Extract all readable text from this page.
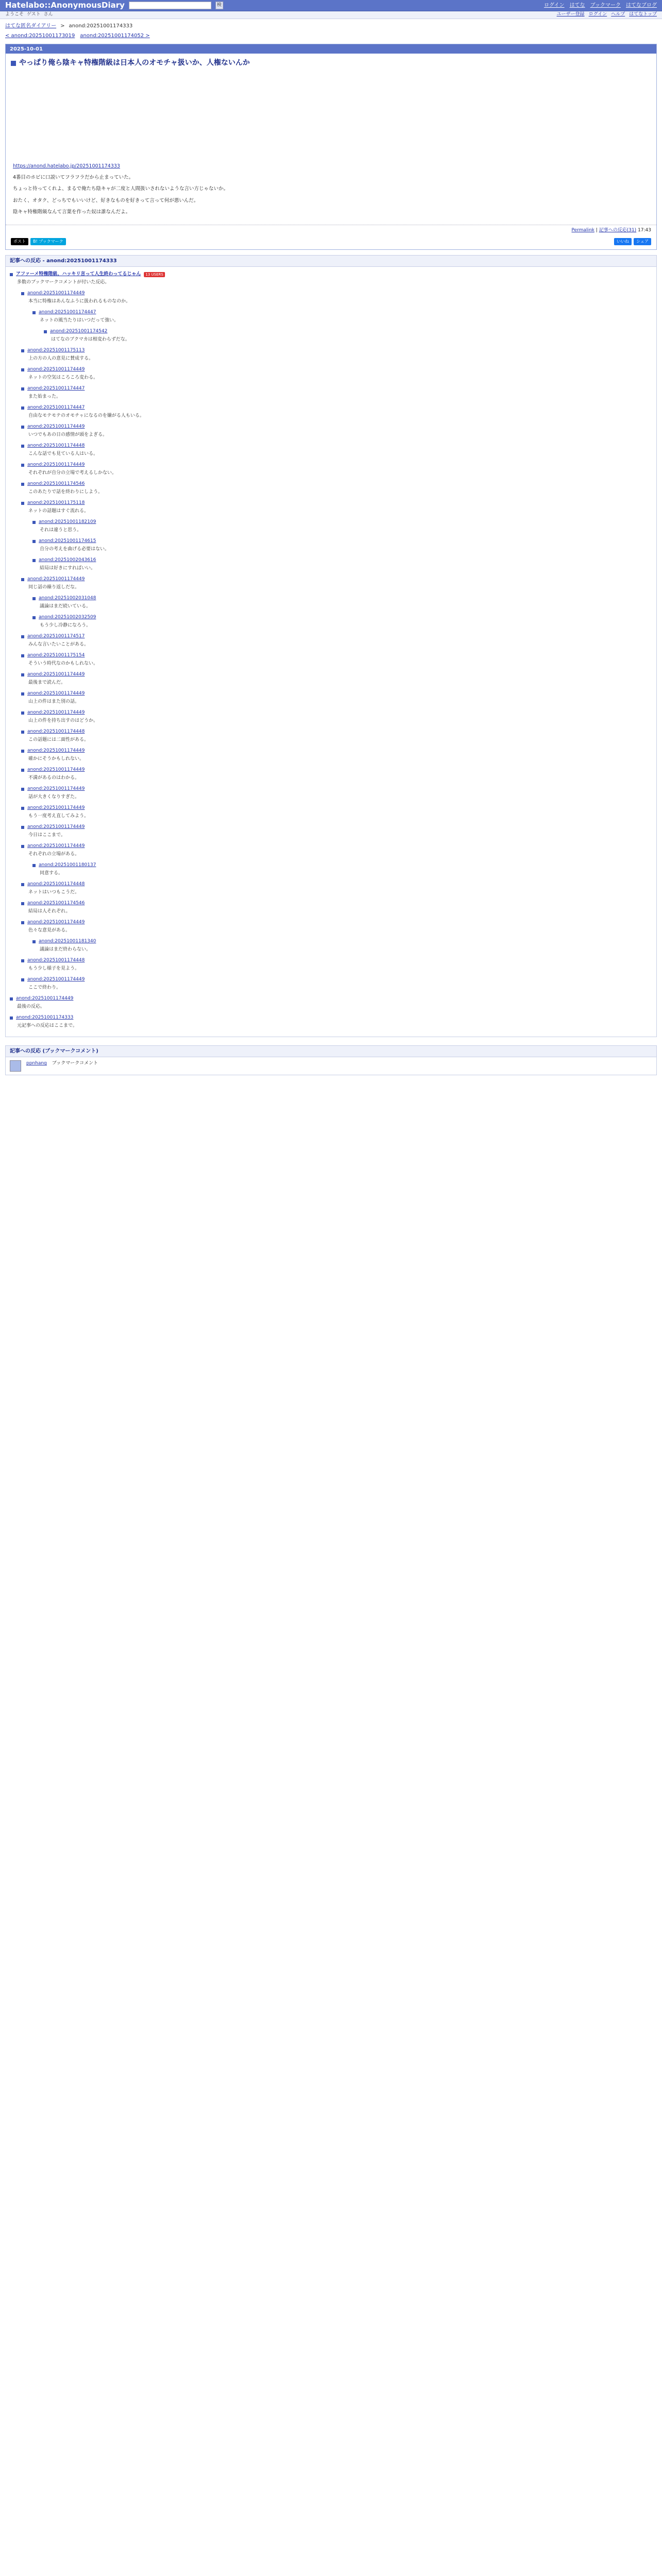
Hatelabo::AnonymousDiary	検	ログイン はてな ブックマーク はてなブログ
ようこそ ゲスト さん	ユーザー登録 ログイン ヘルプ はてなトップ
はてな匿名ダイアリー > anond:20251001174333
< anond:20251001173019 anond:20251001174052 >
2025-10-01
やっぱり俺ら陰キャ特権階級は日本人のオモチャ扱いか、人権ないんか

https://anond.hatelabo.jp/20251001174333

4番目のホビに口説いてフラフラだから止まっていた。

ちょっと待ってくれよ、まるで俺たち陰キャが二度と人間扱いされないような言い方じゃないか。

おたく、オタク、どっちでもいいけど、好きなものを好きって言って何が悪いんだ。

陰キャ特権階級なんて言葉を作った奴は誰なんだよ。

Permalink | 記事への反応(31) 17:43
ポスト	B! ブックマーク	いいね	シェア
記事への反応 - anond:20251001174333
アファーメ特権階級、ハッキリ言って人生終わってるじゃん	13 USERS
多数のブックマークコメントが付いた反応。
anond:20251001174449
本当に特権はあんなふうに扱われるものなのか。
anond:20251001174447
ネットの風当たりはいつだって強い。
anond:20251001174542
はてなのブクマカは相変わらずだな。
anond:20251001175113
上の方の人の意見に賛成する。
anond:20251001174449
ネットの空気はころころ変わる。
anond:20251001174447
また始まった。
anond:20251001174447
自由なモテモテのオモチャになるのを嫌がる人もいる。
anond:20251001174449
いつでもあの日の感情が頭をよぎる。
anond:20251001174448
こんな話でも見ている人はいる。
anond:20251001174449
それぞれが自分の立場で考えるしかない。
anond:20251001174546
このあたりで話を終わりにしよう。
anond:20251001175118
ネットの話題はすぐ流れる。
anond:20251001182109
それは違うと思う。
anond:20251001174615
自分の考えを曲げる必要はない。
anond:20251002043616
結局は好きにすればいい。
anond:20251001174449
同じ話の繰り返しだな。
anond:20251002031048
議論はまだ続いている。
anond:20251002032509
もう少し冷静になろう。
anond:20251001174517
みんな言いたいことがある。
anond:20251001175154
そういう時代なのかもしれない。
anond:20251001174449
最後まで読んだ。
anond:20251001174449
山上の件はまた別の話。
anond:20251001174449
山上の件を持ち出すのはどうか。
anond:20251001174448
この話題には二面性がある。
anond:20251001174449
確かにそうかもしれない。
anond:20251001174449
不満があるのはわかる。
anond:20251001174449
話が大きくなりすぎた。
anond:20251001174449
もう一度考え直してみよう。
anond:20251001174449
今日はここまで。
anond:20251001174449
それぞれの立場がある。
anond:20251001180137
同意する。
anond:20251001174448
ネットはいつもこうだ。
anond:20251001174546
結局は人それぞれ。
anond:20251001174449
色々な意見がある。
anond:20251001181340
議論はまだ終わらない。
anond:20251001174448
もう少し様子を見よう。
anond:20251001174449
ここで終わり。
anond:20251001174449
最後の反応。
anond:20251001174333
元記事への反応はここまで。
記事への反応 (ブックマークコメント)
ppnhang ブックマークコメント
